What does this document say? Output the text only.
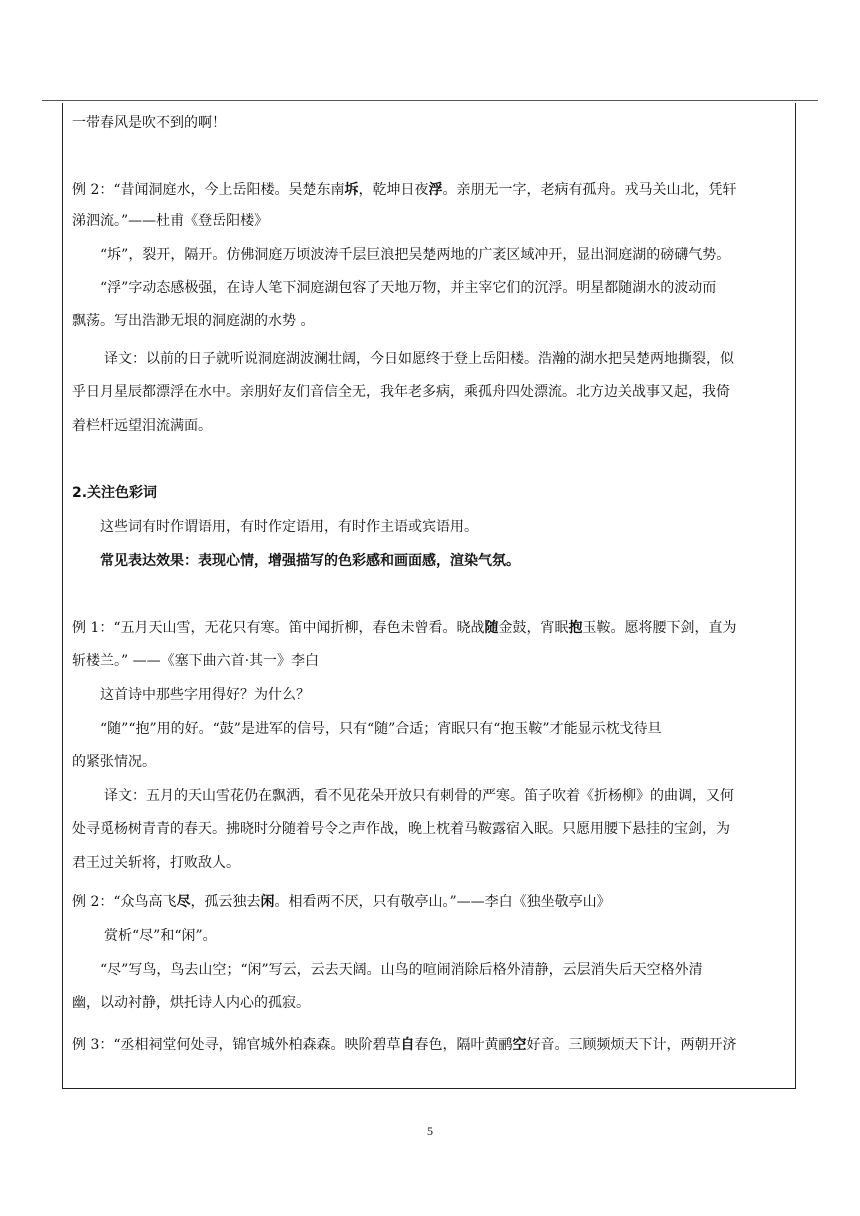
一带春风是吹不到的啊！
例 2：“昔闻洞庭水，今上岳阳楼。吴楚东南坼，乾坤日夜浮。亲朋无一字，老病有孤舟。戎马关山北，凭轩
涕泗流。”——杜甫《登岳阳楼》
“坼”，裂开，隔开。仿佛洞庭万顷波涛千层巨浪把吴楚两地的广袤区域冲开，显出洞庭湖的磅礴气势。
“浮”字动态感极强，在诗人笔下洞庭湖包容了天地万物，并主宰它们的沉浮。明星都随湖水的波动而
飘荡。写出浩渺无垠的洞庭湖的水势 。
译文：以前的日子就听说洞庭湖波澜壮阔，今日如愿终于登上岳阳楼。浩瀚的湖水把吴楚两地撕裂，似
乎日月星辰都漂浮在水中。亲朋好友们音信全无，我年老多病，乘孤舟四处漂流。北方边关战事又起，我倚
着栏杆远望泪流满面。
2.关注色彩词
这些词有时作谓语用，有时作定语用，有时作主语或宾语用。
常见表达效果：表现心情，增强描写的色彩感和画面感，渲染气氛。
例 1：“五月天山雪，无花只有寒。笛中闻折柳，春色未曾看。晓战随金鼓，宵眠抱玉鞍。愿将腰下剑，直为
斩楼兰。” ——《塞下曲六首·其一》李白
这首诗中那些字用得好？为什么？
“随”“抱”用的好。“鼓”是进军的信号，只有“随”合适；宵眠只有“抱玉鞍”才能显示枕戈待旦
的紧张情况。
译文：五月的天山雪花仍在飘洒，看不见花朵开放只有刺骨的严寒。笛子吹着《折杨柳》的曲调，又何
处寻觅杨树青青的春天。拂晓时分随着号令之声作战，晚上枕着马鞍露宿入眠。只愿用腰下悬挂的宝剑，为
君王过关斩将，打败敌人。
例 2：“众鸟高飞尽，孤云独去闲。相看两不厌，只有敬亭山。”——李白《独坐敬亭山》
赏析“尽”和“闲”。
“尽”写鸟，鸟去山空；“闲”写云，云去天阔。山鸟的喧闹消除后格外清静，云层消失后天空格外清
幽，以动衬静，烘托诗人内心的孤寂。
例 3：“丞相祠堂何处寻，锦官城外柏森森。映阶碧草自春色，隔叶黄鹂空好音。三顾频烦天下计，两朝开济
5
